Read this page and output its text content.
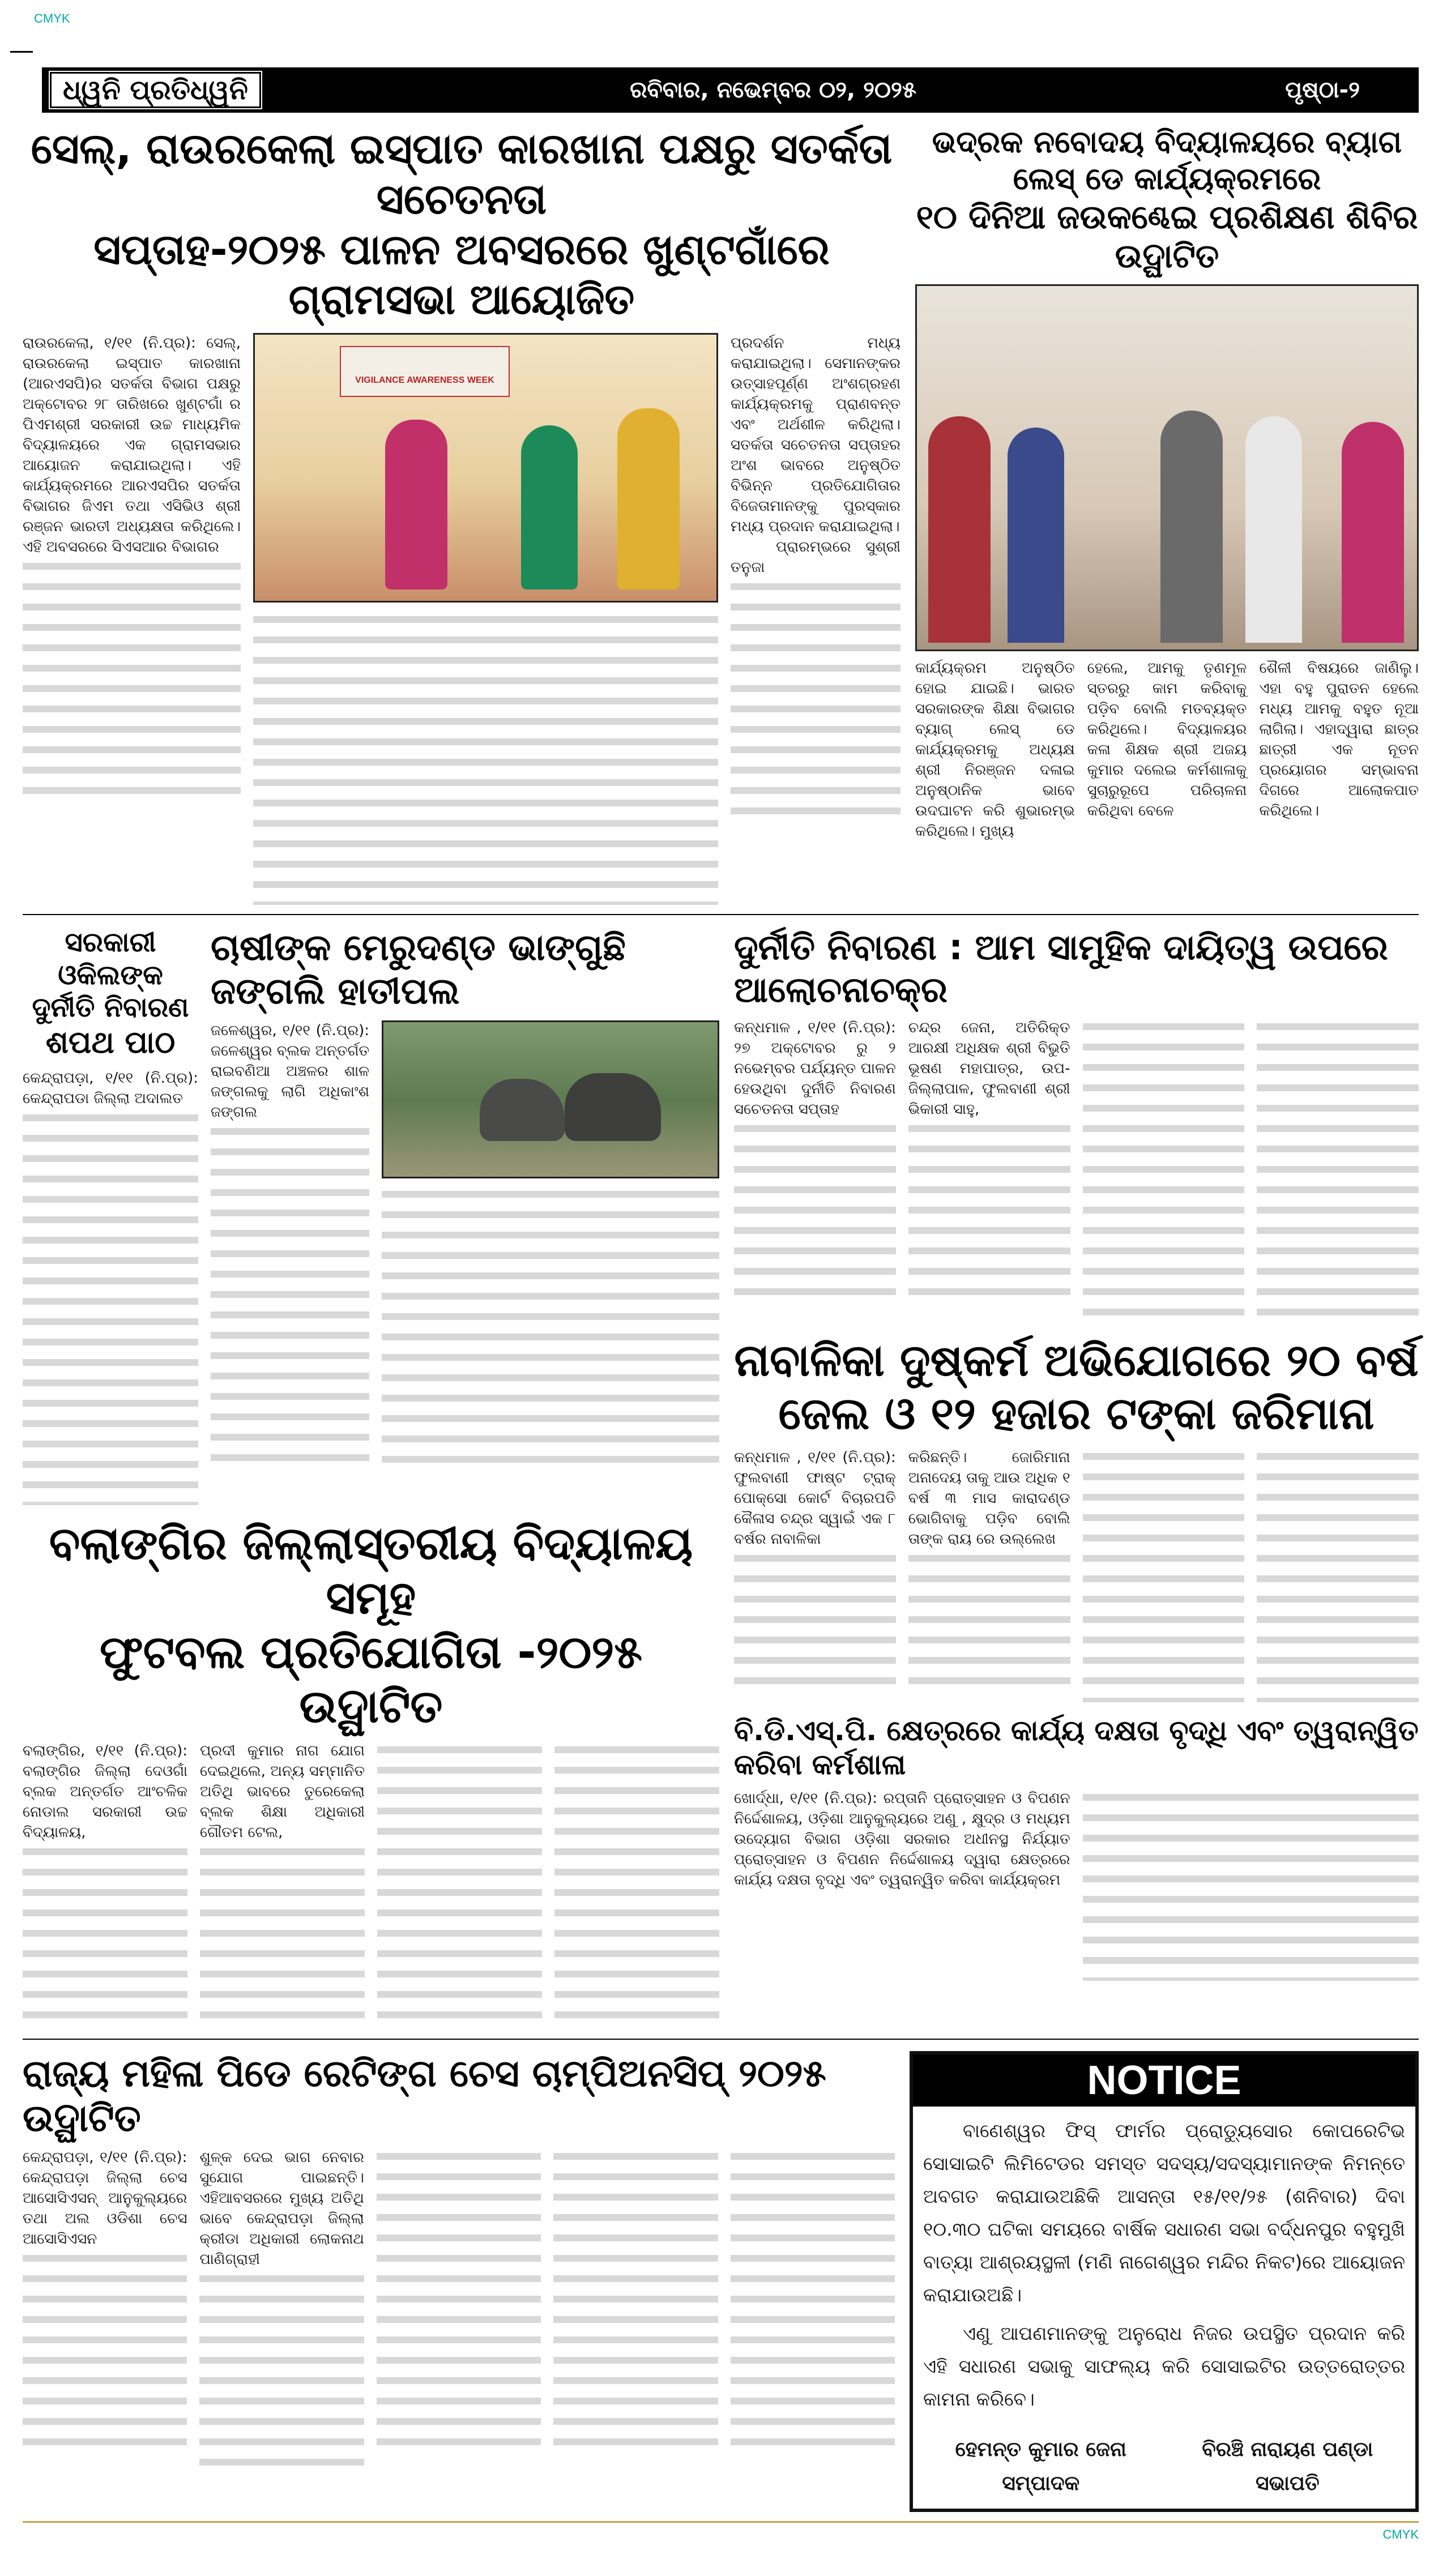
CMYK
ଧ୍ୱନି ପ୍ରତିଧ୍ୱନି	ରବିବାର, ନଭେମ୍ବର ୦୨, ୨୦୨୫	ପୃଷ୍ଠା-୨
ସେଲ୍, ରାଉରକେଲା ଇସ୍ପାତ କାରଖାନା ପକ୍ଷରୁ ସତର୍କତା ସଚେତନତା
ସପ୍ତାହ-୨୦୨୫ ପାଳନ ଅବସରରେ ଖୁଣ୍ଟଗାଁରେ ଗ୍ରାମସଭା ଆୟୋଜିତ
ରାଉରକେଲା, ୧/୧୧ (ନି.ପ୍ର): ସେଲ୍, ରାଉରକେଲା ଇସ୍ପାତ କାରଖାନା (ଆରଏସପି)ର ସତର୍କତା ବିଭାଗ ପକ୍ଷରୁ ଅକ୍ଟୋବର ୨୮ ତାରିଖରେ ଖୁଣ୍ଟଗାଁ ର ପିଏମଶ୍ରୀ ସରକାରୀ ଉଚ୍ଚ ମାଧ୍ୟମିକ ବିଦ୍ୟାଳୟରେ ଏକ ଗ୍ରାମସଭାର ଆୟୋଜନ କରାଯାଇଥିଲା। ଏହି କାର୍ଯ୍ୟକ୍ରମରେ ଆରଏସପିର ସତର୍କତା ବିଭାଗର ଜିଏମ ତଥା ଏସିଭିଓ ଶ୍ରୀ ରଞ୍ଜନ ଭାରତୀ ଅଧ୍ୟକ୍ଷତା କରିଥିଲେ। ଏହି ଅବସରରେ ସିଏସଆର ବିଭାଗର
VIGILANCE AWARENESS WEEK
ପ୍ରଦର୍ଶନ ମଧ୍ୟ କରାଯାଇଥିଲା। ସେମାନଙ୍କର ଉତ୍ସାହପୂର୍ଣ୍ଣ ଅଂଶଗ୍ରହଣ କାର୍ଯ୍ୟକ୍ରମକୁ ପ୍ରାଣବନ୍ତ ଏବଂ ଅର୍ଥଶୀଳ କରିଥିଲା। ସତର୍କତା ସଚେତନତା ସପ୍ତାହର ଅଂଶ ଭାବରେ ଅନୁଷ୍ଠିତ ବିଭିନ୍ନ ପ୍ରତିଯୋଗିତାର ବିଜେତାମାନଙ୍କୁ ପୁରସ୍କାର ମଧ୍ୟ ପ୍ରଦାନ କରାଯାଇଥିଲା।
ପ୍ରାରମ୍ଭରେ ସୁଶ୍ରୀ ତନୁଜା
ଭଦ୍ରକ ନବୋଦୟ ବିଦ୍ୟାଳୟରେ ବ୍ୟାଗ ଲେସ୍ ଡେ କାର୍ଯ୍ୟକ୍ରମରେ
୧୦ ଦିନିଆ ଜଉକଣ୍ଢେଇ ପ୍ରଶିକ୍ଷଣ ଶିବିର ଉଦ୍ଘାଟିତ
କାର୍ଯ୍ୟକ୍ରମ ଅନୁଷ୍ଠିତ ହୋଇ ଯାଇଛି। ଭାରତ ସରକାରଙ୍କ ଶିକ୍ଷା ବିଭାଗର ବ୍ୟାଗ୍ ଲେସ୍ ଡେ କାର୍ଯ୍ୟକ୍ରମକୁ ଅଧ୍ୟକ୍ଷ ଶ୍ରୀ ନିରଞ୍ଜନ ଦଳାଇ ଅନୁଷ୍ଠାନିକ ଭାବେ ଉଦଘାଟନ କରି ଶୁଭାରମ୍ଭ କରିଥିଲେ। ମୁଖ୍ୟ
ହେଲେ, ଆମକୁ ତୃଣମୂଳ ସ୍ତରରୁ କାମ କରିବାକୁ ପଡ଼ିବ ବୋଲି ମତବ୍ୟକ୍ତ କରିଥିଲେ। ବିଦ୍ୟାଳୟର କଳା ଶିକ୍ଷକ ଶ୍ରୀ ଅଜୟ କୁମାର ଦଲେଇ କର୍ମଶାଳାକୁ ସୁଚାରୁରୂପେ ପରିଚାଳନା କରିଥିବା ବେଳେ
ଶୈଳୀ ବିଷୟରେ ଜାଣିଲୁ। ଏହା ବହୁ ପୁରାତନ ହେଲେ ମଧ୍ୟ ଆମକୁ ବହୁତ ନୂଆ ଲାଗିଲା। ଏହାଦ୍ୱାରା ଛାତ୍ର ଛାତ୍ରୀ ଏକ ନୂତନ ପ୍ରୟୋଗର ସମ୍ଭାବନା ଦିଗରେ ଆଲୋକପାତ କରିଥିଲେ।
ସରକାରୀ ଓକିଲଙ୍କ
ଦୁର୍ନୀତି ନିବାରଣ
ଶପଥ ପାଠ
କେନ୍ଦ୍ରାପଡ଼ା, ୧/୧୧ (ନି.ପ୍ର): କେନ୍ଦ୍ରାପଡା ଜିଲ୍ଲା ଅଦାଲତ
ଚାଷୀଙ୍କ ମେରୁଦଣ୍ଡ ଭାଙ୍ଗୁଛି ଜଙ୍ଗଲି ହାତୀପଲ
ଜଳେଶ୍ୱର, ୧/୧୧ (ନି.ପ୍ର): ଜଳେଶ୍ୱର ବ୍ଲକ ଅନ୍ତର୍ଗତ ରାଇବଣିଆ ଅଞ୍ଚଳର ଶାଳ ଜଙ୍ଗଲକୁ ଲାଗି ଅଧିକାଂଶ ଜଙ୍ଗଲ
ବଲାଙ୍ଗିର ଜିଲ୍ଲାସ୍ତରୀୟ ବିଦ୍ୟାଳୟ ସମୂହ
ଫୁଟବଲ ପ୍ରତିଯୋଗିତା -୨୦୨୫ ଉଦ୍ଘାଟିତ
ବଲାଙ୍ଗିର, ୧/୧୧ (ନି.ପ୍ର): ବଲାଙ୍ଗିର ଜିଲ୍ଲା ଦେଓଗାଁ ବ୍ଲକ ଅନ୍ତର୍ଗତ ଆଂଚଳିକ ନୋଡାଲ ସରକାରୀ ଉଚ୍ଚ ବିଦ୍ୟାଳୟ,
ପ୍ରଦୀ କୁମାର ନାଗ ଯୋଗ ଦେଇଥିଲେ, ଅନ୍ୟ ସମ୍ମାନିତ ଅତିଥି ଭାବରେ ତୁରେକେଲା ବ୍ଲକ ଶିକ୍ଷା ଅଧିକାରୀ ଗୌତମ ଟେଲ,
ଦୁର୍ନୀତି ନିବାରଣ : ଆମ ସାମୁହିକ ଦାୟିତ୍ୱ ଉପରେ ଆଲୋଚନାଚକ୍ର
କନ୍ଧମାଳ , ୧/୧୧ (ନି.ପ୍ର): ୨୭ ଅକ୍ଟୋବର ରୁ ୨ ନଭେମ୍ବର ପର୍ଯ୍ୟନ୍ତ ପାଳନ ହେଉଥିବା ଦୁର୍ନୀତି ନିବାରଣ ସଚେତନତା ସପ୍ତାହ
ଚନ୍ଦ୍ର ଜେନା, ଅତିରିକ୍ତ ଆରକ୍ଷୀ ଅଧିକ୍ଷକ ଶ୍ରୀ ବିଭୁତି ଭୂଷଣ ମହାପାତ୍ର, ଉପ-ଜିଲ୍ଲାପାଳ, ଫୁଲବାଣୀ ଶ୍ରୀ ଭିକାରୀ ସାହୁ,
ନାବାଳିକା ଦୁଷ୍କର୍ମ ଅଭିଯୋଗରେ ୨୦ ବର୍ଷ
ଜେଲ ଓ ୧୨ ହଜାର ଟଙ୍କା ଜରିମାନା
କନ୍ଧମାଳ , ୧/୧୧ (ନି.ପ୍ର): ଫୁଲବାଣୀ ଫାଷ୍ଟ ଟ୍ରାକ୍ ପୋକ୍ସୋ କୋର୍ଟ ବିଚାରପତି କୈଳାସ ଚନ୍ଦ୍ର ସ୍ୱାଇଁ ଏକ ୮ ବର୍ଷର ନାବାଳିକା
କରିଛନ୍ତି। ଜୋରିମାନା ଅନାଦେୟ ତାକୁ ଆଉ ଅଧିକ ୧ ବର୍ଷ ୩ ମାସ କାରାଦଣ୍ଡ ଭୋଗିବାକୁ ପଡ଼ିବ ବୋଲି ତାଙ୍କ ରାୟ ରେ ଉଲ୍ଲେଖ
ବି.ଡି.ଏସ୍.ପି. କ୍ଷେତ୍ରରେ କାର୍ଯ୍ୟ ଦକ୍ଷତା ବୃଦ୍ଧି ଏବଂ ତ୍ୱରାନ୍ୱିତ କରିବା କର୍ମଶାଳା
ଖୋର୍ଦ୍ଧା, ୧/୧୧ (ନି.ପ୍ର): ରପ୍ତାନି ପ୍ରୋତ୍ସାହନ ଓ ବିପଣନ ନିର୍ଦ୍ଦେଶାଳୟ, ଓଡ଼ିଶା ଆନୁକୁଲ୍ୟରେ ଅଣୁ , କ୍ଷୁଦ୍ର ଓ ମଧ୍ୟମ ଉଦ୍ୟୋଗ ବିଭାଗ ଓଡ଼ିଶା ସରକାର ଅଧୀନସ୍ଥ ନିର୍ଯ୍ୟାତ ପ୍ରୋତ୍ସାହନ ଓ ବିପଣନ ନିର୍ଦ୍ଦେଶାଳୟ ଦ୍ୱାରା କ୍ଷେତ୍ରରେ କାର୍ଯ୍ୟ ଦକ୍ଷତା ବୃଦ୍ଧି ଏବଂ ତ୍ୱରାନ୍ୱିତ କରିବା କାର୍ଯ୍ୟକ୍ରମ
ରାଜ୍ୟ ମହିଳା ପିଡେ ରେଟିଙ୍ଗ ଚେସ ଚାମ୍ପିଅନସିପ୍ ୨୦୨୫ ଉଦ୍ଘାଟିତ
କେନ୍ଦ୍ରାପଡ଼ା, ୧/୧୧ (ନି.ପ୍ର): କେନ୍ଦ୍ରାପଡ଼ା ଜିଲ୍ଲା ଚେସ ଆସୋସିଏସନ୍ ଆନୁକୁଲ୍ୟରେ ତଥା ଅଲ ଓଡିଶା ଚେସ ଆସୋସିଏସନ
ଶୁଳ୍କ ଦେଇ ଭାଗ ନେବାର ସୁଯୋଗ ପାଇଛନ୍ତି। ଏହିଆବସରରେ ମୁଖ୍ୟ ଅତିଥି ଭାବେ କେନ୍ଦ୍ରାପଡ଼ା ଜିଲ୍ଲା କ୍ରୀଡା ଅଧିକାରୀ ଲୋକନାଥ ପାଣିଗ୍ରାହୀ
NOTICE

ବାଣେଶ୍ୱର ଫିସ୍ ଫାର୍ମର ପ୍ରୋଡ୍ୟୁସୋର କୋପରେଟିଭ ସୋସାଇଟି ଲିମିଟେଡର ସମସ୍ତ ସଦସ୍ୟ/ସଦସ୍ୟାମାନଙ୍କ ନିମନ୍ତେ ଅବଗତ କରାଯାଉଅଛିକି ଆସନ୍ତା ୧୫/୧୧/୨୫ (ଶନିବାର) ଦିବା ୧୦.୩୦ ଘଟିକା ସମୟରେ ବାର୍ଷିକ ସଧାରଣ ସଭା ବର୍ଦ୍ଧନପୁର ବହୁମୁଖି ବାତ୍ୟା ଆଶ୍ରୟସ୍ଥଳୀ (ମଣି ନାଗେଶ୍ୱର ମନ୍ଦିର ନିକଟ)ରେ ଆୟୋଜନ କରାଯାଉଅଛି।

ଏଣୁ ଆପଣମାନଙ୍କୁ ଅନୁରୋଧ ନିଜର ଉପସ୍ଥିତ ପ୍ରଦାନ କରି ଏହି ସଧାରଣ ସଭାକୁ ସାଫଲ୍ୟ କରି ସୋସାଇଟିର ଉତ୍ତରୋତ୍ତର କାମନା କରିବେ।

ହେମନ୍ତ କୁମାର ଜେନା
ସମ୍ପାଦକ
ବିରଞ୍ଚି ନାରାୟଣ ପଣ୍ଡା
ସଭାପତି
CMYK
